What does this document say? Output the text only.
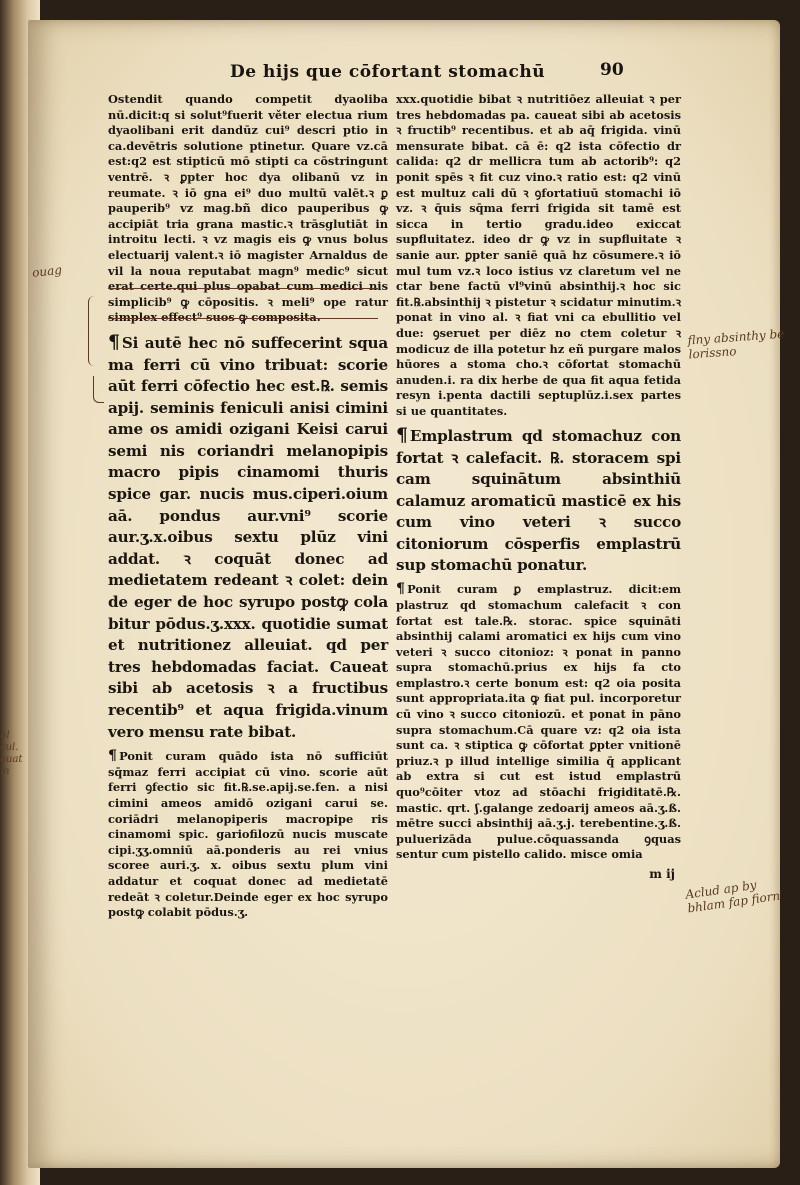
De hijs que cōfortant stomachū	90

Ostendit quando competit dyaoliba nū.dicit:q si solut⁹fuerit věter electua rium dyaolibani erit dandūz cui⁹ descri ptio in ca.devētris solutione ptinetur. Quare vz.cā est:q2 est stipticū mō stipti ca cōstringunt ventrē. ꝛ ꝑpter hoc dya olibanū vz in reumate. ꝛ iō gna ei⁹ duo multū valēt.ꝛ ꝑ pauperib⁹ vz mag.bñ dico pauperibus ꝙ accipiāt tria grana mastic.ꝛ trāsglutiāt in introitu lecti. ꝛ vz magis eis ꝙ vnus bolus electuarij valent.ꝛ iō magister Arnaldus de vil la noua reputabat magn⁹ medic⁹ sicut erat certe.qui plus opabat cum medici nis simplicib⁹ ꝙ cōpositis. ꝛ meli⁹ ope ratur simplex effect⁹ suos ꝙ composita.

¶ Si autē hec nō suffecerint squa ma ferri cū vino tribuat: scorie aūt ferri cōfectio hec est.℞. semis apij. seminis feniculi anisi cimini ame os amidi ozigani Keisi carui semi nis coriandri melanopipis macro pipis cinamomi thuris spice gar. nucis mus.ciperi.oium aā. pondus aur.vni⁹ scorie aur.ʒ.x.oibus sextu plūz vini addat. ꝛ coquāt donec ad medietatem redeant ꝛ colet: dein de eger de hoc syrupo postꝙ cola bitur pōdus.ʒ.xxx. quotidie sumat et nutritionez alleuiat. qd per tres hebdomadas faciat. Caueat sibi ab acetosis ꝛ a fructibus recentib⁹ et aqua frigida.vinum vero mensu rate bibat.

¶ Ponit curam quādo ista nō sufficiūt sq̄maz ferri accipiat cū vino. scorie aūt ferri ꝯfectio sic fit.℞.se.apij.se.fen. a nisi cimini ameos amidō ozigani carui se. coriādri melanopiperis macropipe ris cinamomi spic. gariofilozū nucis muscate cipi.ʒʒ.omniū aā.ponderis au rei vnius scoree auri.ʒ. x. oibus sextu plum vini addatur et coquat donec ad medietatē redeāt ꝛ coletur.Deinde eger ex hoc syrupo postꝙ colabit pōdus.ʒ.

xxx.quotidie bibat ꝛ nutritiōez alleuiat ꝛ per tres hebdomadas pa. caueat sibi ab acetosis ꝛ fructib⁹ recentibus. et ab aq̄ frigida. vinū mensurate bibat. cā ē: q2 ista cōfectio dr calida: q2 dr mellicra tum ab actorib⁹: q2 ponit spēs ꝛ fit cuz vino.ꝛ ratio est: q2 vinū est multuz cali dū ꝛ ꝯfortatiuū stomachi iō vz. ꝛ q̄uis sq̄ma ferri frigida sit tamē est sicca in tertio gradu.ideo exiccat supfluitatez. ideo dr ꝙ vz in supfluitate ꝛ sanie aur. ꝑpter saniē quā hz cōsumere.ꝛ iō mul tum vz.ꝛ loco istius vz claretum vel ne ctar bene factū vl⁹vinū absinthij.ꝛ hoc sic fit.℞.absinthij ꝛ pistetur ꝛ scidatur minutim.ꝛ ponat in vino al. ꝛ fiat vni ca ebullitio vel due: ꝯseruet per diēz no ctem coletur ꝛ modicuz de illa potetur hz eñ purgare malos hūores a stoma cho.ꝛ cōfortat stomachū anuden.i. ra dix herbe de qua fit aqua fetida resyn i.penta dactili septuplūz.i.sex partes si ue quantitates.

¶ Emplastrum qd stomachuz con fortat ꝛ calefacit. ℞. storacem spi cam squinātum absinthiū calamuz aromaticū masticē ex his cum vino veteri ꝛ succo citoniorum cōsperfis emplastrū sup stomachū ponatur.

¶ Ponit curam ꝑ emplastruz. dicit:em plastruz qd stomachum calefacit ꝛ con fortat est tale.℞. storac. spice squināti absinthij calami aromatici ex hijs cum vino veteri ꝛ succo citonioz: ꝛ ponat in panno supra stomachū.prius ex hijs fa cto emplastro.ꝛ certe bonum est: q2 oia posita sunt appropriata.ita ꝙ fiat pul. incorporetur cū vino ꝛ succo citoniozū. et ponat in pāno supra stomachum.Cā quare vz: q2 oia ista sunt ca. ꝛ stiptica ꝙ cōfortat ꝑpter vnitionē priuz.ꝛ p illud intellige similia q̄ applicant ab extra si cut est istud emplastrū quo⁹cōiter vtoz ad stōachi frigiditatē.℞. mastic. qrt. ʃ.galange zedoarij ameos aā.ʒ.ß. mētre succi absinthij aā.ʒ.j. terebentine.ʒ.ß. puluerizāda pulue.cōquassanda ꝯquas sentur cum pistello calido. misce omia

m ij
ouag
ul cul. ouat m
flny absinthy be lorissno
Aclud ap by bhlam fap fiorn
